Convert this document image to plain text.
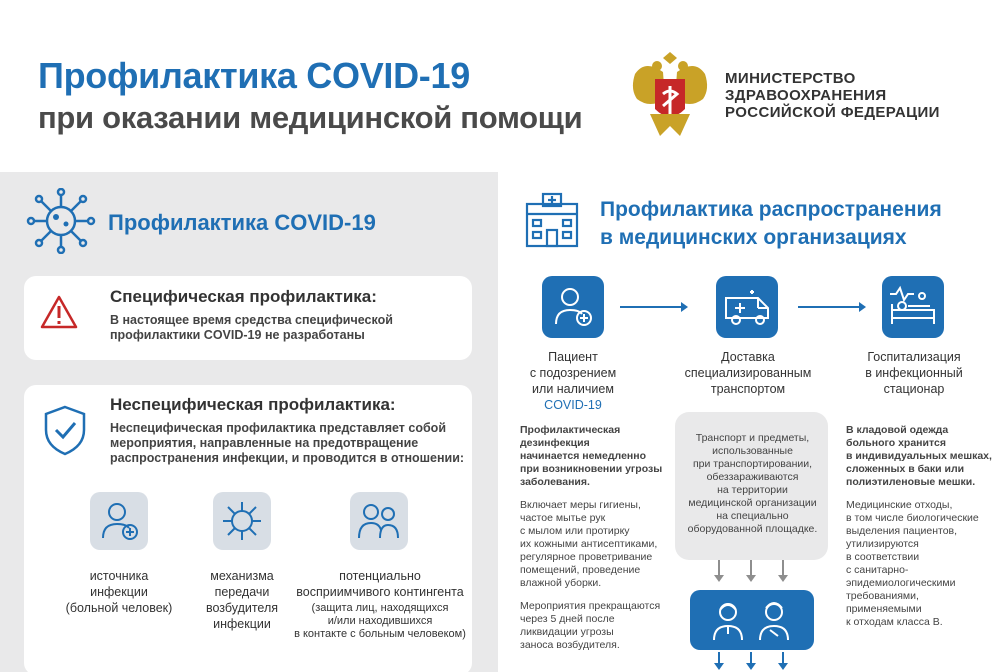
Профилактика COVID-19
при оказании медицинской помощи
МИНИСТЕРСТВО
ЗДРАВООХРАНЕНИЯ
РОССИЙСКОЙ ФЕДЕРАЦИИ
Профилактика COVID-19
Специфическая профилактика:
В настоящее время средства специфической
профилактики COVID-19 не разработаны
Неспецифическая профилактика:
Неспецифическая профилактика представляет собой
мероприятия, направленные на предотвращение
распространения инфекции, и проводится в отношении:
источника
инфекции
(больной человек)
механизма
передачи
возбудителя
инфекции
потенциально
восприимчивого контингента
(защита лиц, находящихся
и/или находившихся
в контакте с больным человеком)
Профилактика распространения
в медицинских организациях
Пациент
с подозрением
или наличием
COVID-19
Доставка
специализированным
транспортом
Госпитализация
в инфекционный
стационар

Профилактическая
дезинфекция
начинается немедленно
при возникновении угрозы
заболевания.

Включает меры гигиены,
частое мытье рук
с мылом или протирку
их кожными антисептиками,
регулярное проветривание
помещений, проведение
влажной уборки.

Мероприятия прекращаются
через 5 дней после
ликвидации угрозы
заноса возбудителя.

Транспорт и предметы,
использованные
при транспортировании,
обеззараживаются
на территории
медицинской организации
на специально
оборудованной площадке.

В кладовой одежда
больного хранится
в индивидуальных мешках,
сложенных в баки или
полиэтиленовые мешки.

Медицинские отходы,
в том числе биологические
выделения пациентов,
утилизируются
в соответствии
с санитарно-
эпидемиологическими
требованиями,
применяемыми
к отходам класса В.
